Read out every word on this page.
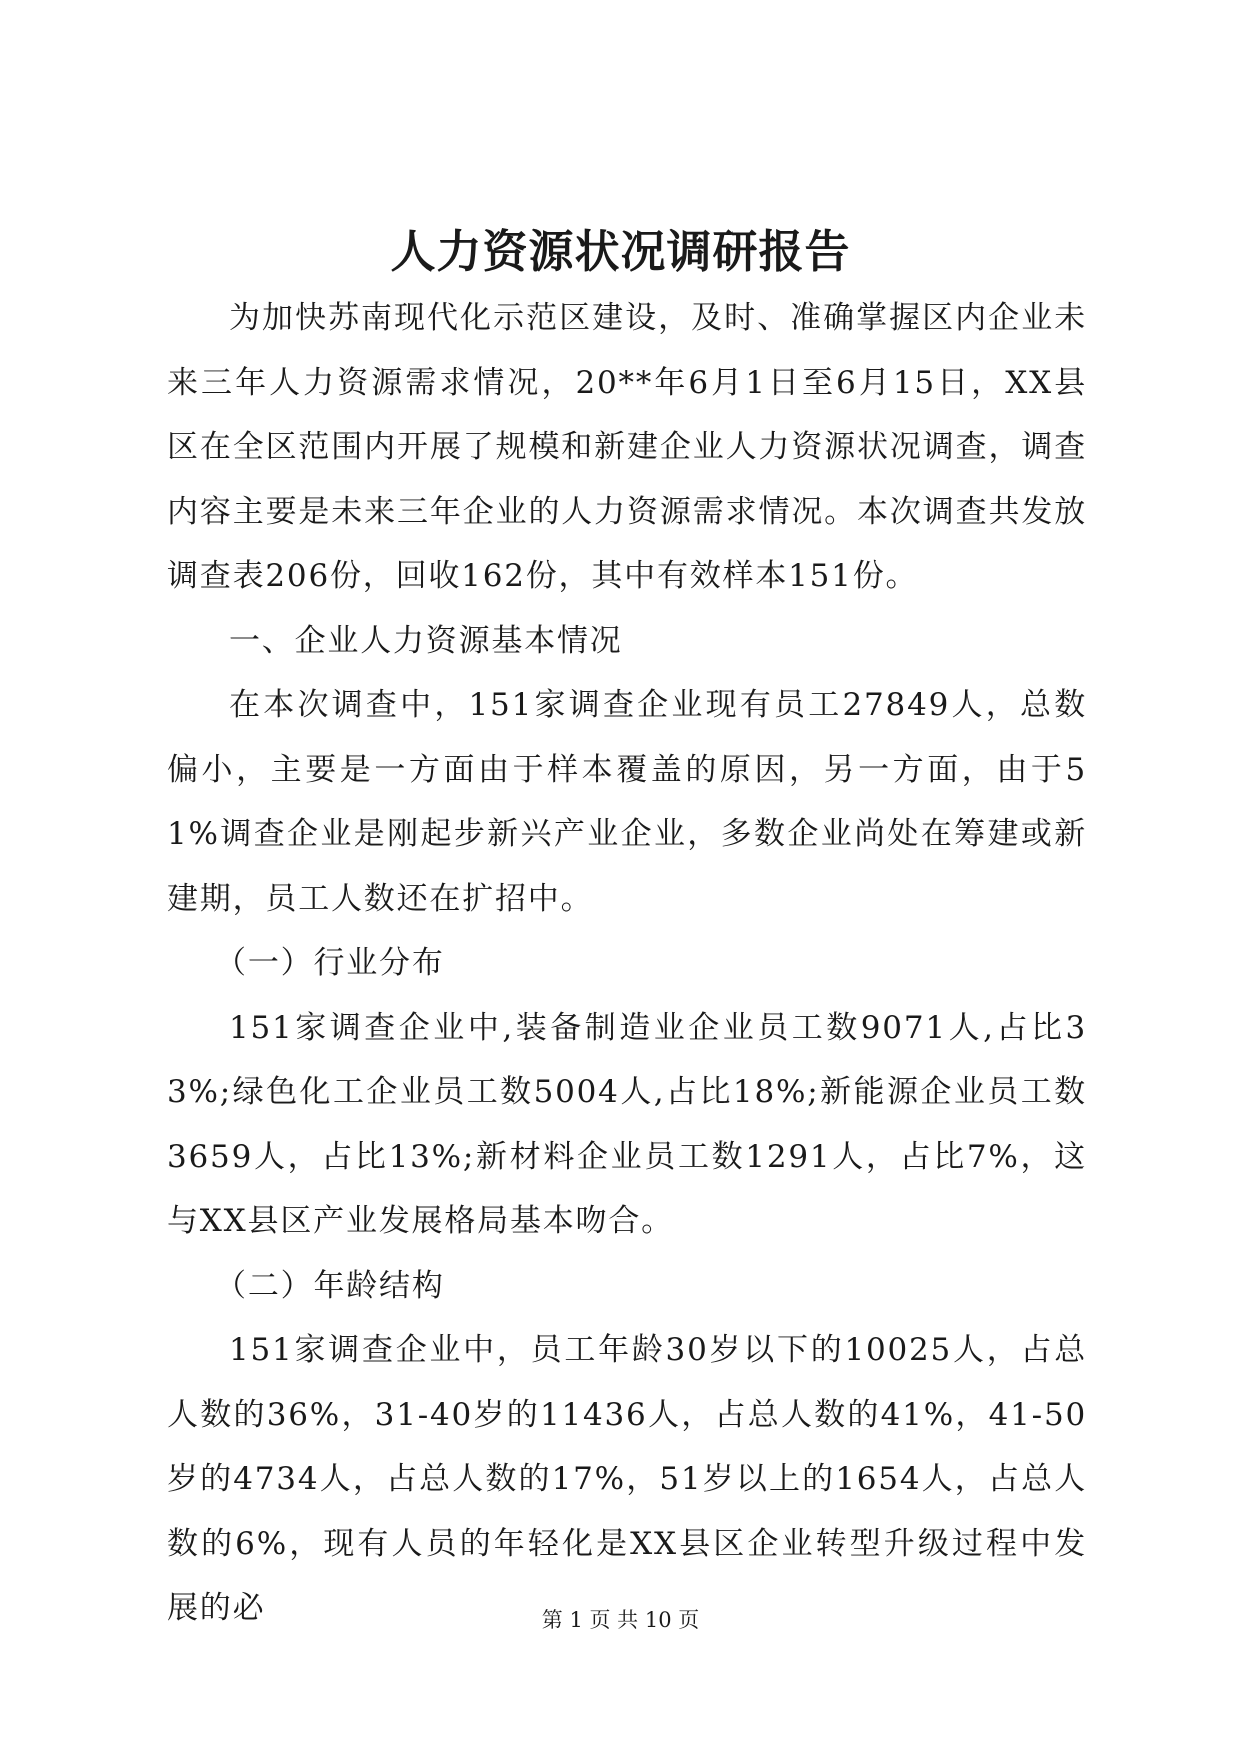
人力资源状况调研报告

为加快苏南现代化示范区建设，及时、准确掌握区内企业未来三年人力资源需求情况，20**年6月1日至6月15日，XX县区在全区范围内开展了规模和新建企业人力资源状况调查，调查内容主要是未来三年企业的人力资源需求情况。本次调查共发放调查表206份，回收162份，其中有效样本151份。

一、企业人力资源基本情况

在本次调查中，151家调查企业现有员工27849人，总数偏小，主要是一方面由于样本覆盖的原因，另一方面，由于51%调查企业是刚起步新兴产业企业，多数企业尚处在筹建或新建期，员工人数还在扩招中。

（一）行业分布

151家调查企业中,装备制造业企业员工数9071人,占比33%;绿色化工企业员工数5004人,占比18%;新能源企业员工数3659人，占比13%;新材料企业员工数1291人，占比7%，这与XX县区产业发展格局基本吻合。

（二）年龄结构

151家调查企业中，员工年龄30岁以下的10025人，占总人数的36%，31-40岁的11436人，占总人数的41%，41-50岁的4734人，占总人数的17%，51岁以上的1654人，占总人数的6%，现有人员的年轻化是XX县区企业转型升级过程中发展的必	第 1 页 共 10 页
